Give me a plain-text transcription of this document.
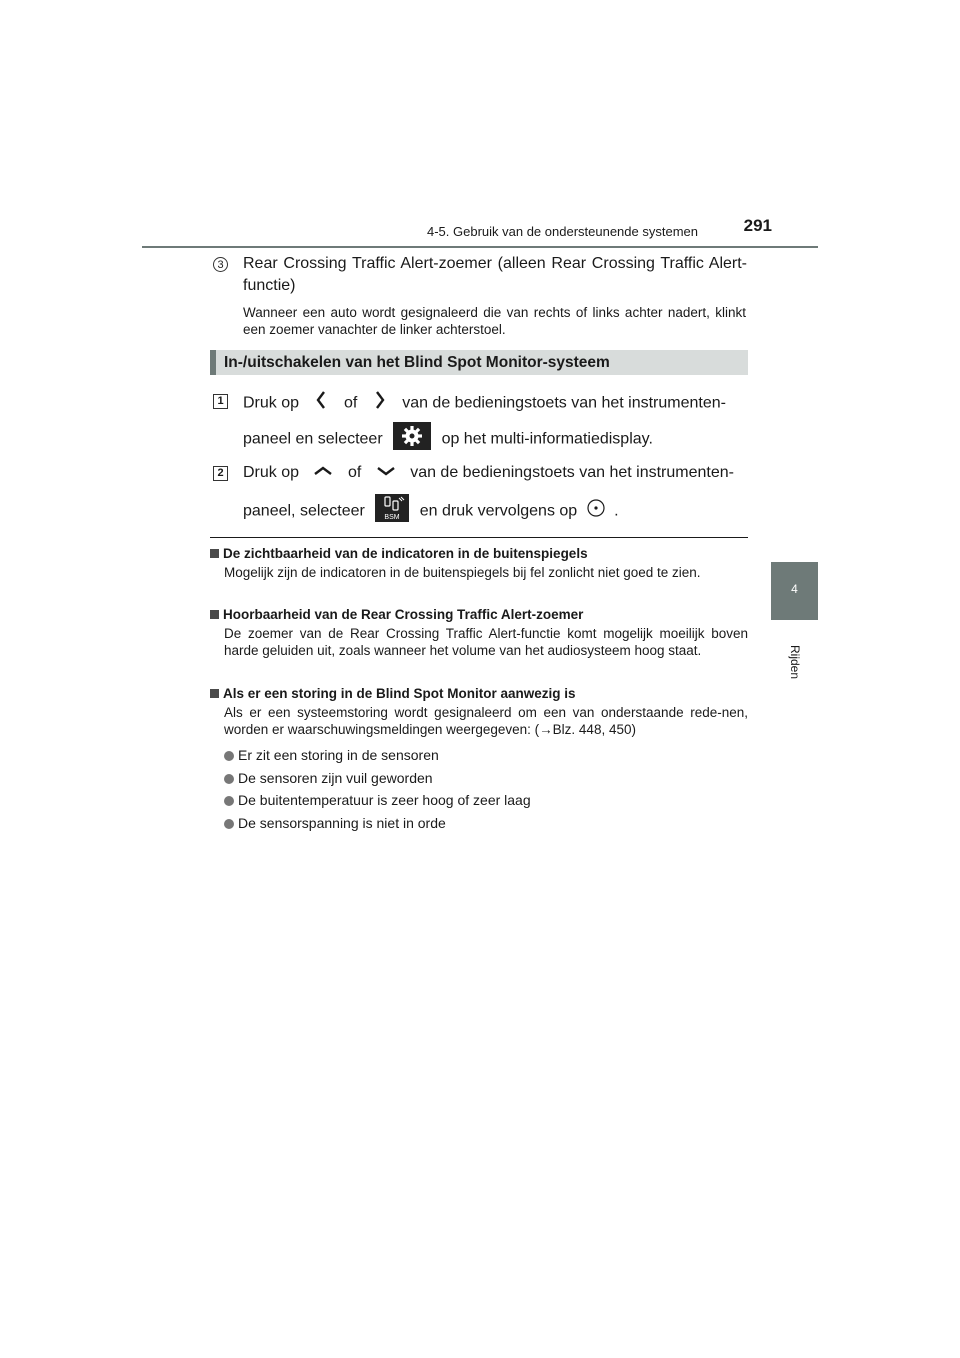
4-5. Gebruik van de ondersteunende systemen	291
4
Rijden
3 Rear Crossing Traffic Alert-zoemer (alleen Rear Crossing Traffic Alert-functie)
Wanneer een auto wordt gesignaleerd die van rechts of links achter nadert, klinkt een zoemer vanachter de linker achterstoel.
In-/uitschakelen van het Blind Spot Monitor-systeem
1 Druk op	of	van de bedieningstoets van het instrumenten-
paneel en selecteer	op het multi-informatiedisplay.
2 Druk op	of	van de bedieningstoets van het instrumenten-
paneel, selecteer	BSM en druk vervolgens op .
De zichtbaarheid van de indicatoren in de buitenspiegels
Mogelijk zijn de indicatoren in de buitenspiegels bij fel zonlicht niet goed te zien.
Hoorbaarheid van de Rear Crossing Traffic Alert-zoemer
De zoemer van de Rear Crossing Traffic Alert-functie komt mogelijk moeilijk boven harde geluiden uit, zoals wanneer het volume van het audiosysteem hoog staat.
Als er een storing in de Blind Spot Monitor aanwezig is
Als er een systeemstoring wordt gesignaleerd om een van onderstaande rede-nen, worden er waarschuwingsmeldingen weergegeven: (→Blz. 448, 450)
Er zit een storing in de sensoren
De sensoren zijn vuil geworden
De buitentemperatuur is zeer hoog of zeer laag
De sensorspanning is niet in orde
